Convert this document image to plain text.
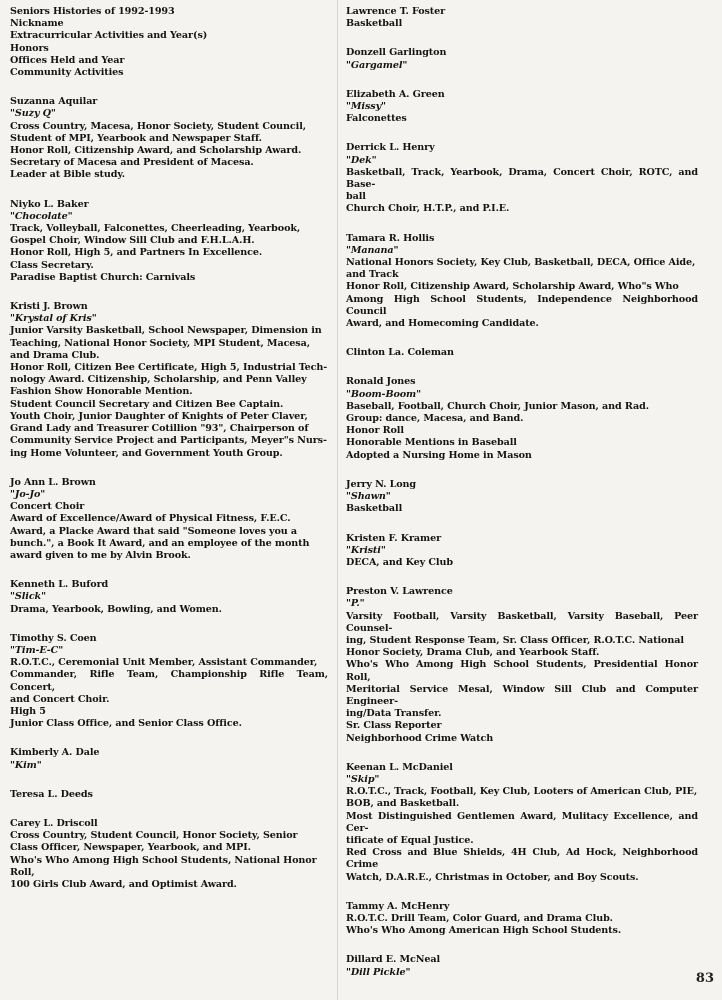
Seniors Histories of 1992-1993
Nickname
Extracurricular Activities and Year(s)
Honors
Offices Held and Year
Community Activities
Suzanna Aquilar
"Suzy Q"
Cross Country, Macesa, Honor Society, Student Council,
Student of MPI, Yearbook and Newspaper Staff.
Honor Roll, Citizenship Award, and Scholarship Award.
Secretary of Macesa and President of Macesa.
Leader at Bible study.
Niyko L. Baker
"Chocolate"
Track, Volleyball, Falconettes, Cheerleading, Yearbook,
Gospel Choir, Window Sill Club and F.H.L.A.H.
Honor Roll, High 5, and Partners In Excellence.
Class Secretary.
Paradise Baptist Church: Carnivals
Kristi J. Brown
"Krystal of Kris"
Junior Varsity Basketball, School Newspaper, Dimension in
Teaching, National Honor Society, MPI Student, Macesa,
and Drama Club.
Honor Roll, Citizen Bee Certificate, High 5, Industrial Tech-
nology Award. Citizenship, Scholarship, and Penn Valley
Fashion Show Honorable Mention.
Student Council Secretary and Citizen Bee Captain.
Youth Choir, Junior Daughter of Knights of Peter Claver,
Grand Lady and Treasurer Cotillion "93", Chairperson of
Community Service Project and Participants, Meyer"s Nurs-
ing Home Volunteer, and Government Youth Group.
Jo Ann L. Brown
"Jo-Jo"
Concert Choir
Award of Excellence/Award of Physical Fitness, F.E.C.
Award, a Placke Award that said "Someone loves you a
bunch.", a Book It Award, and an employee of the month
award given to me by Alvin Brook.
Kenneth L. Buford
"Slick"
Drama, Yearbook, Bowling, and Women.
Timothy S. Coen
"Tim-E-C"
R.O.T.C., Ceremonial Unit Member, Assistant Commander,
Commander, Rifle Team, Championship Rifle Team, Concert,
and Concert Choir.
High 5
Junior Class Office, and Senior Class Office.
Kimberly A. Dale
"Kim"
Teresa L. Deeds
Carey L. Driscoll
Cross Country, Student Council, Honor Society, Senior
Class Officer, Newspaper, Yearbook, and MPI.
Who's Who Among High School Students, National Honor
Roll,
100 Girls Club Award, and Optimist Award.
Lawrence T. Foster
Basketball
Donzell Garlington
"Gargamel"
Elizabeth A. Green
"Missy"
Falconettes
Derrick L. Henry
"Dek"
Basketball, Track, Yearbook, Drama, Concert Choir, ROTC, and Base-
ball
Church Choir, H.T.P., and P.I.E.
Tamara R. Hollis
"Manana"
National Honors Society, Key Club, Basketball, DECA, Office Aide,
and Track
Honor Roll, Citizenship Award, Scholarship Award, Who"s Who
Among High School Students, Independence Neighborhood Council
Award, and Homecoming Candidate.
Clinton La. Coleman
Ronald Jones
"Boom-Boom"
Baseball, Football, Church Choir, Junior Mason, and Rad.
Group: dance, Macesa, and Band.
Honor Roll
Honorable Mentions in Baseball
Adopted a Nursing Home in Mason
Jerry N. Long
"Shawn"
Basketball
Kristen F. Kramer
"Kristi"
DECA, and Key Club
Preston V. Lawrence
"P."
Varsity Football, Varsity Basketball, Varsity Baseball, Peer Counsel-
ing, Student Response Team, Sr. Class Officer, R.O.T.C. National
Honor Society, Drama Club, and Yearbook Staff.
Who's Who Among High School Students, Presidential Honor Roll,
Meritorial Service Mesal, Window Sill Club and Computer Engineer-
ing/Data Transfer.
Sr. Class Reporter
Neighborhood Crime Watch
Keenan L. McDaniel
"Skip"
R.O.T.C., Track, Football, Key Club, Looters of American Club, PIE,
BOB, and Basketball.
Most Distinguished Gentlemen Award, Mulitacy Excellence, and Cer-
tificate of Equal Justice.
Red Cross and Blue Shields, 4H Club, Ad Hock, Neighborhood Crime
Watch, D.A.R.E., Christmas in October, and Boy Scouts.
Tammy A. McHenry
R.O.T.C. Drill Team, Color Guard, and Drama Club.
Who's Who Among American High School Students.
Dillard E. McNeal
"Dill Pickle"	83
